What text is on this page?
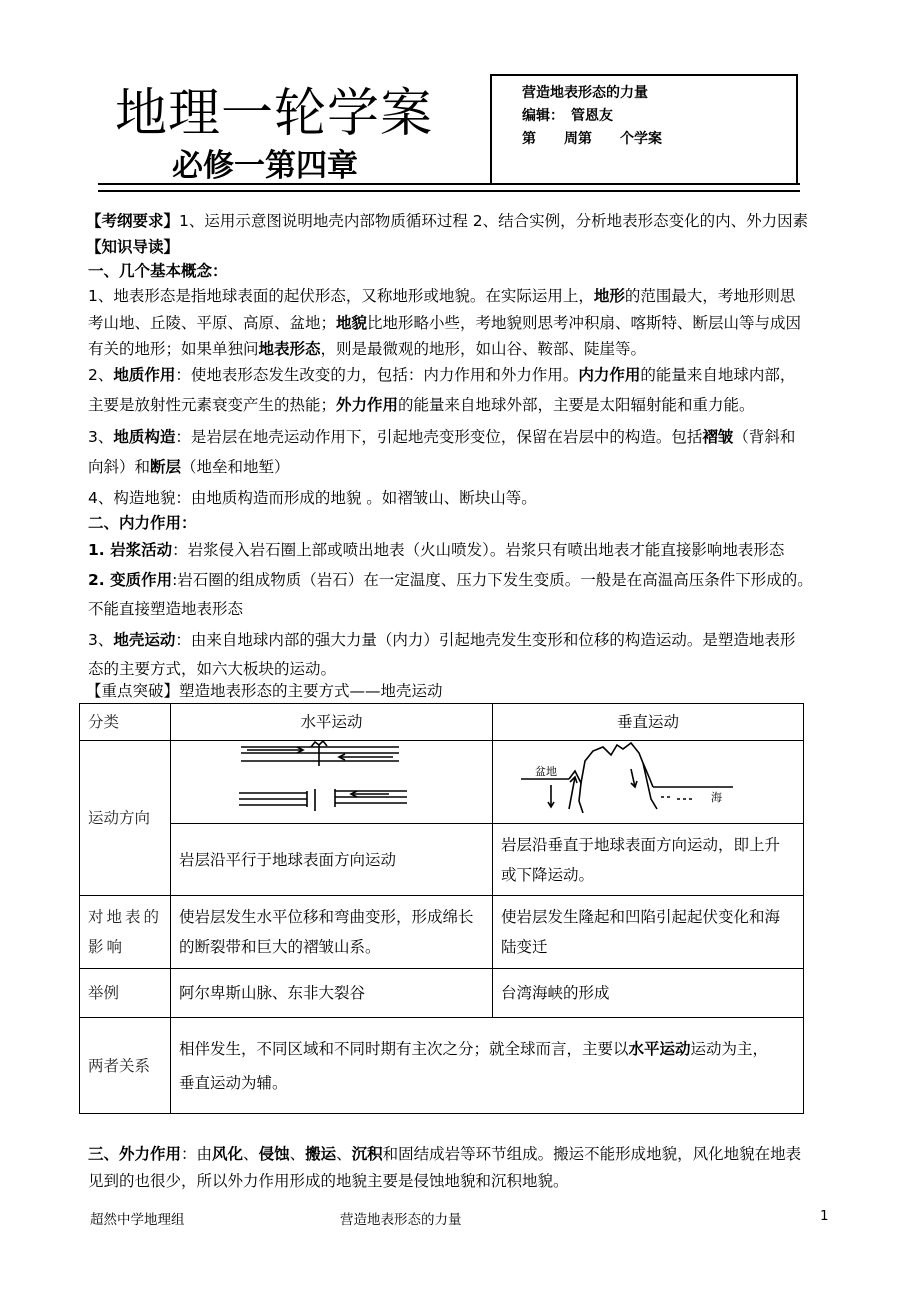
地理一轮学案
必修一第四章
营造地表形态的力量
编辑：　管恩友
第　　周第　　个学案
【考纲要求】1、运用示意图说明地壳内部物质循环过程 2、结合实例，分析地表形态变化的内、外力因素
【知识导读】
一、几个基本概念：
1、地表形态是指地球表面的起伏形态，又称地形或地貌。在实际运用上，地形的范围最大，考地形则思
考山地、丘陵、平原、高原、盆地；地貌比地形略小些，考地貌则思考冲积扇、喀斯特、断层山等与成因
有关的地形；如果单独问地表形态，则是最微观的地形，如山谷、鞍部、陡崖等。
2、地质作用：使地表形态发生改变的力，包括：内力作用和外力作用。内力作用的能量来自地球内部，
主要是放射性元素衰变产生的热能；外力作用的能量来自地球外部，主要是太阳辐射能和重力能。
3、地质构造：是岩层在地壳运动作用下，引起地壳变形变位，保留在岩层中的构造。包括褶皱（背斜和
向斜）和断层（地垒和地堑）
4、构造地貌：由地质构造而形成的地貌 。如褶皱山、断块山等。
二、内力作用：
1. 岩浆活动：岩浆侵入岩石圈上部或喷出地表（火山喷发）。岩浆只有喷出地表才能直接影响地表形态
2. 变质作用:岩石圈的组成物质（岩石）在一定温度、压力下发生变质。一般是在高温高压条件下形成的。
不能直接塑造地表形态
3、地壳运动：由来自地球内部的强大力量（内力）引起地壳发生变形和位移的构造运动。是塑造地表形
态的主要方式，如六大板块的运动。
【重点突破】塑造地表形态的主要方式——地壳运动
分类	水平运动	垂直运动
运动方向		盆地
海

	岩层沿平行于地球表面方向运动	岩层沿垂直于地球表面方向运动，即上升或下降运动。
对地表的影响	使岩层发生水平位移和弯曲变形，形成绵长的断裂带和巨大的褶皱山系。	使岩层发生隆起和凹陷引起起伏变化和海陆变迁
举例	阿尔卑斯山脉、东非大裂谷	台湾海峡的形成
两者关系	相伴发生，不同区域和不同时期有主次之分；就全球而言，主要以水平运动运动为主，
垂直运动为辅。	
三、外力作用：由风化、侵蚀、搬运、沉积和固结成岩等环节组成。搬运不能形成地貌，风化地貌在地表
见到的也很少，所以外力作用形成的地貌主要是侵蚀地貌和沉积地貌。
超然中学地理组	营造地表形态的力量	1
